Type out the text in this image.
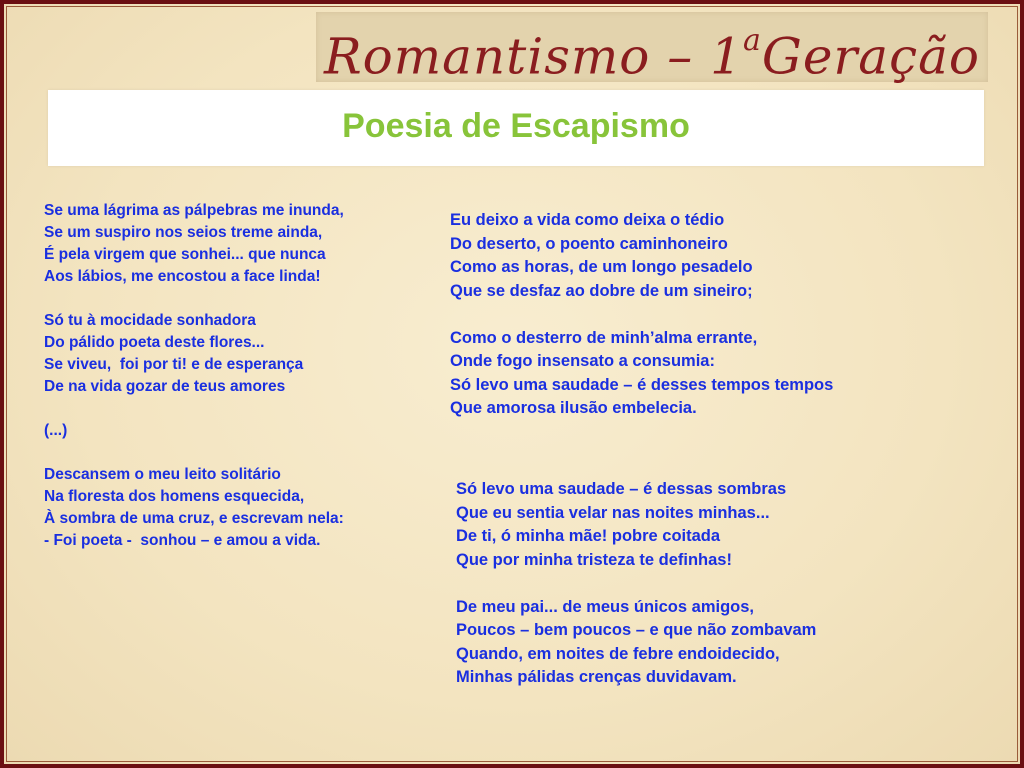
Romantismo – 1$^a$Geração
Poesia de Escapismo
Se uma lágrima as pálpebras me inunda,
Se um suspiro nos seios treme ainda,
É pela virgem que sonhei... que nunca
Aos lábios, me encostou a face linda!
Só tu à mocidade sonhadora
Do pálido poeta deste flores...
Se viveu,  foi por ti! e de esperança
De na vida gozar de teus amores
(...)
Descansem o meu leito solitário
Na floresta dos homens esquecida,
À sombra de uma cruz, e escrevam nela:
- Foi poeta -  sonhou – e amou a vida.
Eu deixo a vida como deixa o tédio
Do deserto, o poento caminhoneiro
Como as horas, de um longo pesadelo
Que se desfaz ao dobre de um sineiro;
Como o desterro de minh’alma errante,
Onde fogo insensato a consumia:
Só levo uma saudade – é desses tempos tempos
Que amorosa ilusão embelecia.
Só levo uma saudade – é dessas sombras
Que eu sentia velar nas noites minhas...
De ti, ó minha mãe! pobre coitada
Que por minha tristeza te definhas!
De meu pai... de meus únicos amigos,
Poucos – bem poucos – e que não zombavam
Quando, em noites de febre endoidecido,
Minhas pálidas crenças duvidavam.
